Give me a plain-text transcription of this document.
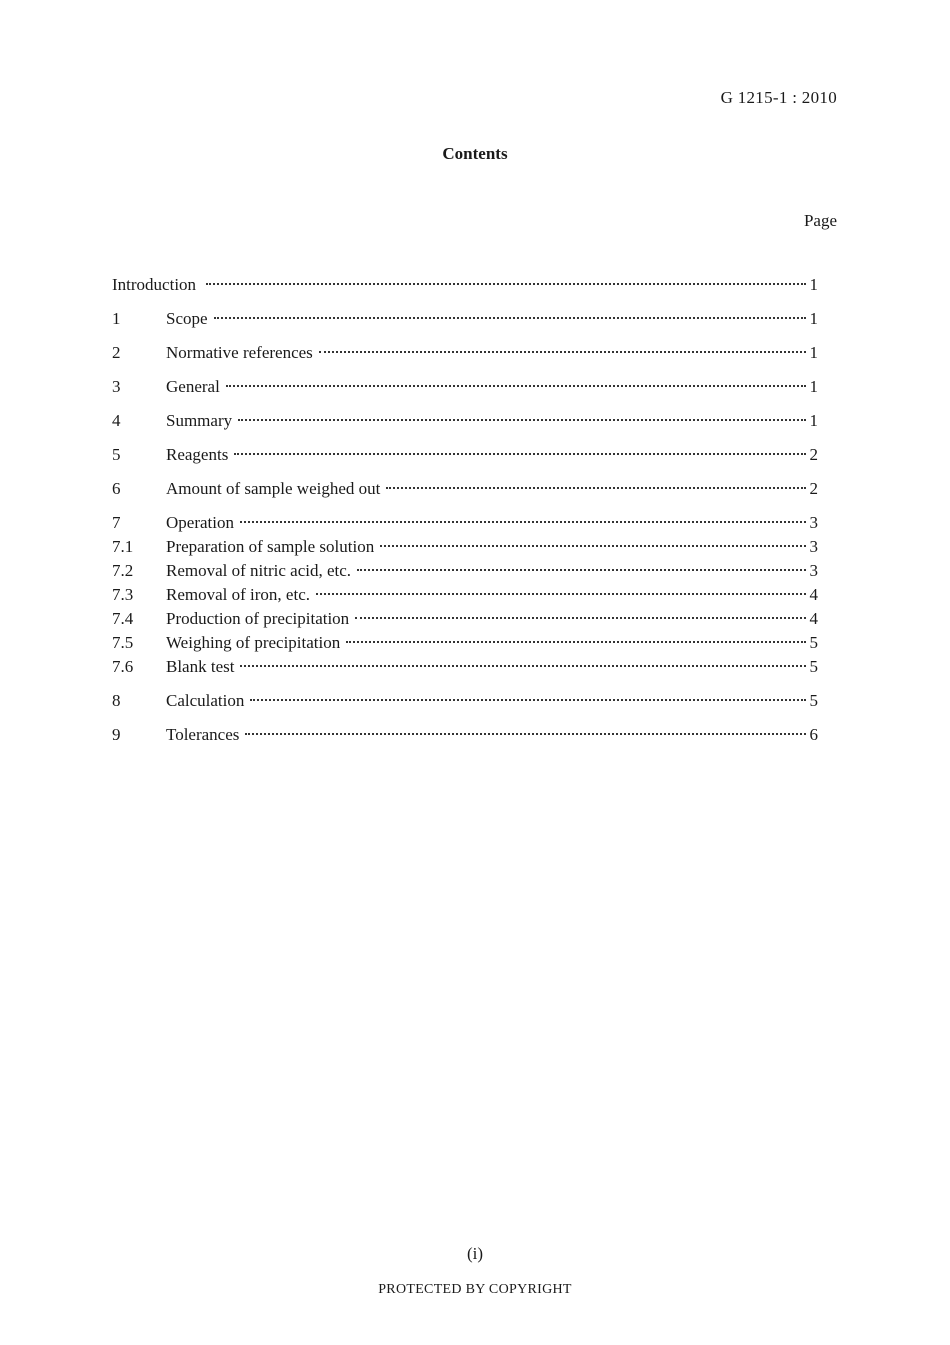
G 1215-1 : 2010
Contents
Page
Introduction	1
1	Scope	1
2	Normative references	1
3	General	1
4	Summary	1
5	Reagents	2
6	Amount of sample weighed out	2
7	Operation	3
7.1	Preparation of sample solution	3
7.2	Removal of nitric acid, etc.	3
7.3	Removal of iron, etc.	4
7.4	Production of precipitation	4
7.5	Weighing of precipitation	5
7.6	Blank test	5
8	Calculation	5
9	Tolerances	6
(i)
PROTECTED BY COPYRIGHT
